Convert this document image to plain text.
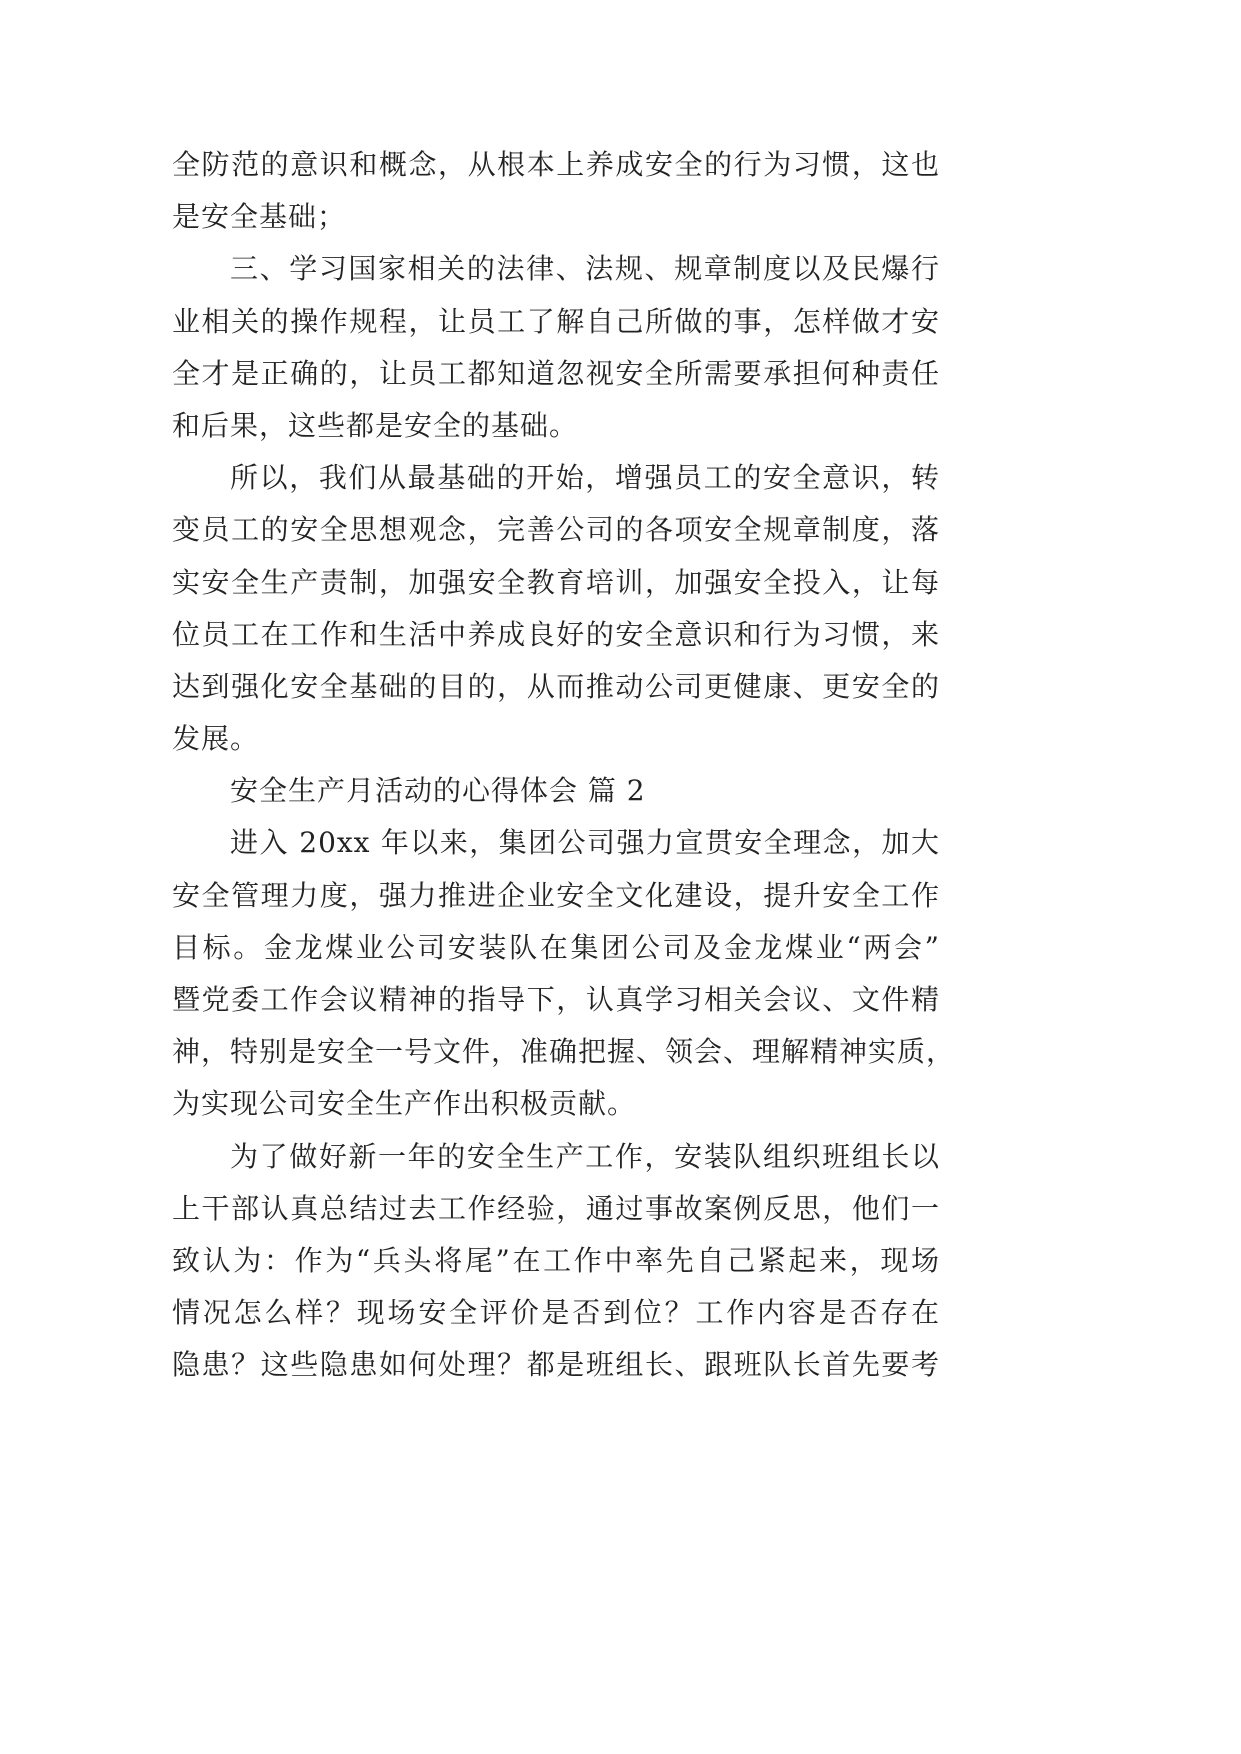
全防范的意识和概念，从根本上养成安全的行为习惯，这也
是安全基础；
三、学习国家相关的法律、法规、规章制度以及民爆行
业相关的操作规程，让员工了解自己所做的事，怎样做才安
全才是正确的，让员工都知道忽视安全所需要承担何种责任
和后果，这些都是安全的基础。
所以，我们从最基础的开始，增强员工的安全意识，转
变员工的安全思想观念，完善公司的各项安全规章制度，落
实安全生产责制，加强安全教育培训，加强安全投入，让每
位员工在工作和生活中养成良好的安全意识和行为习惯，来
达到强化安全基础的目的，从而推动公司更健康、更安全的
发展。
安全生产月活动的心得体会 篇 2
进入 20xx 年以来，集团公司强力宣贯安全理念，加大
安全管理力度，强力推进企业安全文化建设，提升安全工作
目标。金龙煤业公司安装队在集团公司及金龙煤业“两会”
暨党委工作会议精神的指导下，认真学习相关会议、文件精
神，特别是安全一号文件，准确把握、领会、理解精神实质，
为实现公司安全生产作出积极贡献。
为了做好新一年的安全生产工作，安装队组织班组长以
上干部认真总结过去工作经验，通过事故案例反思，他们一
致认为：作为“兵头将尾”在工作中率先自己紧起来，现场
情况怎么样？现场安全评价是否到位？工作内容是否存在
隐患？这些隐患如何处理？都是班组长、跟班队长首先要考
